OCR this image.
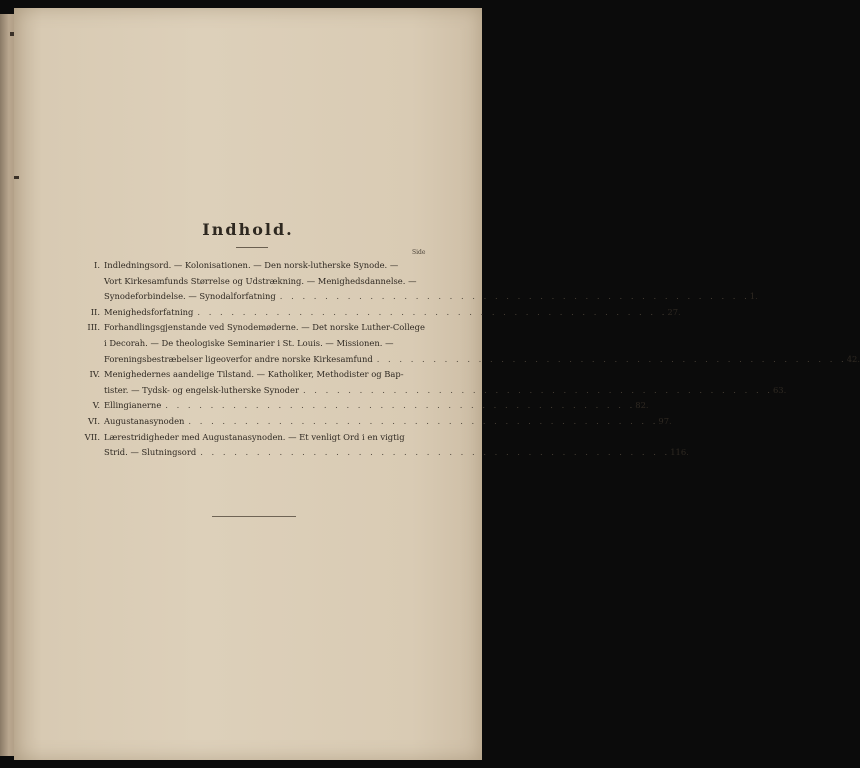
Indhold.
Side
I. Indledningsord. — Kolonisationen. — Den norsk-lutherske Synode. —
Vort Kirkesamfunds Størrelse og Udstrækning. — Menighedsdannelse. —
Synodeforbindelse. — Synodalforfatning . . . . . . . . . . . . . . . . . . . . . . . . . . . . . . . . . . . . . . . . . . 1.
II. Menighedsforfatning . . . . . . . . . . . . . . . . . . . . . . . . . . . . . . . . . . . . . . . . . . 27.
III. Forhandlingsgjenstande ved Synodemøderne. — Det norske Luther-College
i Decorah. — De theologiske Seminarier i St. Louis. — Missionen. —
Foreningsbestræbelser ligeoverfor andre norske Kirkesamfund . . . . . . . . . . . . . . . . . . . . . . . . . . . . . . . . . . . . . . . . . . 42.
IV. Menighedernes aandelige Tilstand. — Katholiker, Methodister og Bap-
tister. — Tydsk- og engelsk-lutherske Synoder . . . . . . . . . . . . . . . . . . . . . . . . . . . . . . . . . . . . . . . . . . 63.
V. Ellingianerne . . . . . . . . . . . . . . . . . . . . . . . . . . . . . . . . . . . . . . . . . . 82.
VI. Augustanasynoden . . . . . . . . . . . . . . . . . . . . . . . . . . . . . . . . . . . . . . . . . . 97.
VII. Lærestridigheder med Augustanasynoden. — Et venligt Ord i en vigtig
Strid. — Slutningsord . . . . . . . . . . . . . . . . . . . . . . . . . . . . . . . . . . . . . . . . . . 116.
